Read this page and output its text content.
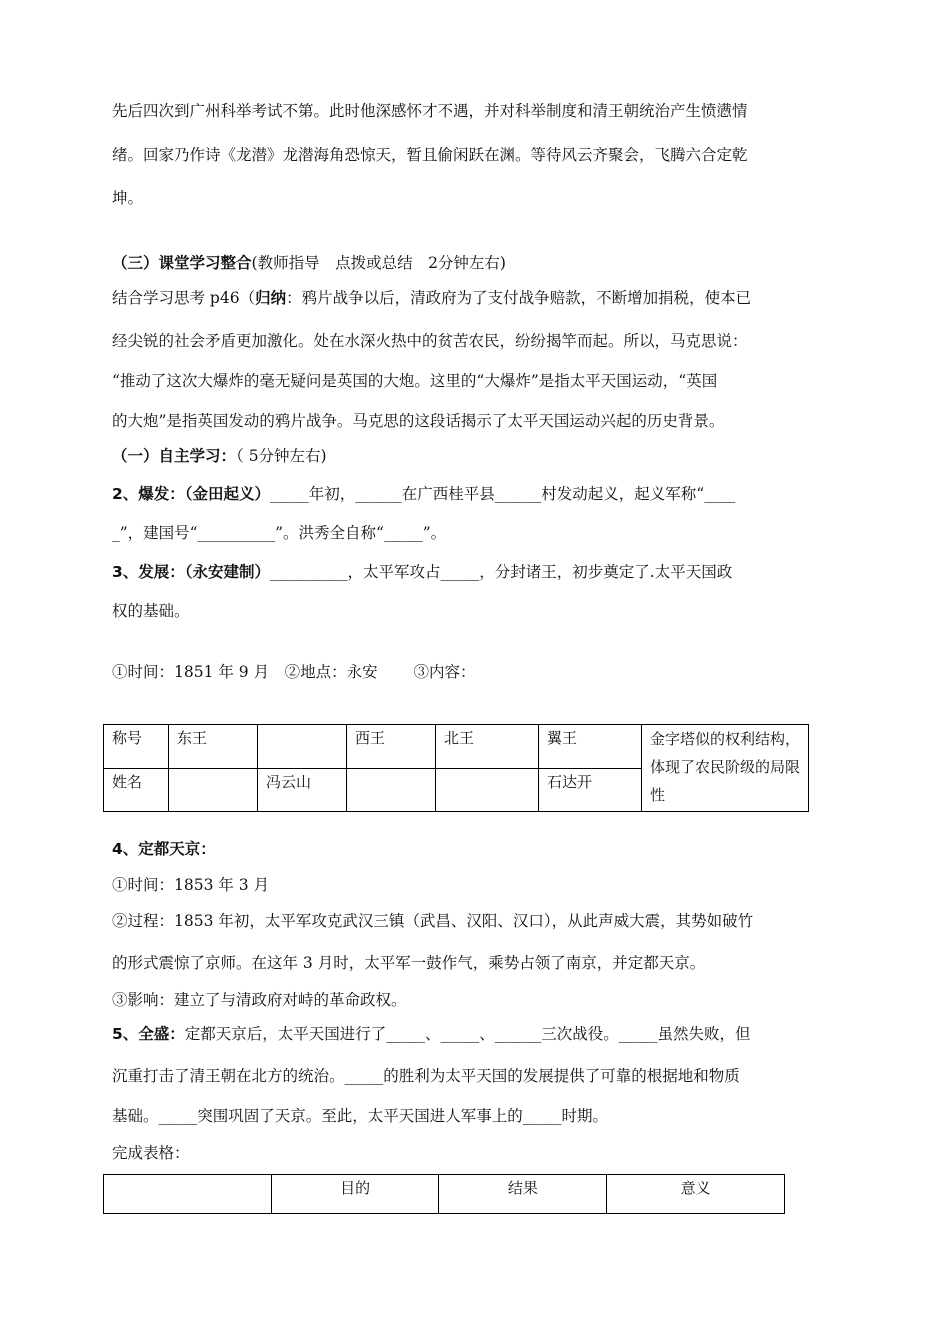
先后四次到广州科举考试不第。此时他深感怀才不遇，并对科举制度和清王朝统治产生愤懑情
绪。回家乃作诗《龙潜》龙潜海角恐惊天，暂且偷闲跃在渊。等待风云齐聚会，飞腾六合定乾
坤。
（三）课堂学习整合(教师指导　点拨或总结　2分钟左右)
结合学习思考 p46（归纳：鸦片战争以后，清政府为了支付战争赔款，不断增加捐税，使本已
经尖锐的社会矛盾更加激化。处在水深火热中的贫苦农民，纷纷揭竿而起。所以，马克思说：
“推动了这次大爆炸的毫无疑问是英国的大炮。这里的“大爆炸”是指太平天国运动，“英国
的大炮”是指英国发动的鸦片战争。马克思的这段话揭示了太平天国运动兴起的历史背景。
（一）自主学习：（ 5分钟左右)
2、爆发：（金田起义）_____年初，______在广西桂平县______村发动起义，起义军称“____
_”，建国号“__________”。洪秀全自称“_____”。
3、发展：（永安建制）__________，太平军攻占_____，分封诸王，初步奠定了.太平天国政
权的基础。
①时间：1851 年 9 月　②地点：永安　　 ③内容：
称号	东王		西王	北王	翼王	金字塔似的权利结构，体现了农民阶级的局限性
姓名		冯云山			石达开	
4、定都天京：
①时间：1853 年 3 月
②过程：1853 年初，太平军攻克武汉三镇（武昌、汉阳、汉口），从此声威大震，其势如破竹
的形式震惊了京师。在这年 3 月时，太平军一鼓作气，乘势占领了南京，并定都天京。
③影响：建立了与清政府对峙的革命政权。
5、全盛：定都天京后，太平天国进行了_____、_____、______三次战役。_____虽然失败，但
沉重打击了清王朝在北方的统治。_____的胜利为太平天国的发展提供了可靠的根据地和物质
基础。_____突围巩固了天京。至此，太平天国进人军事上的_____时期。
完成表格：
	目的	结果	意义
